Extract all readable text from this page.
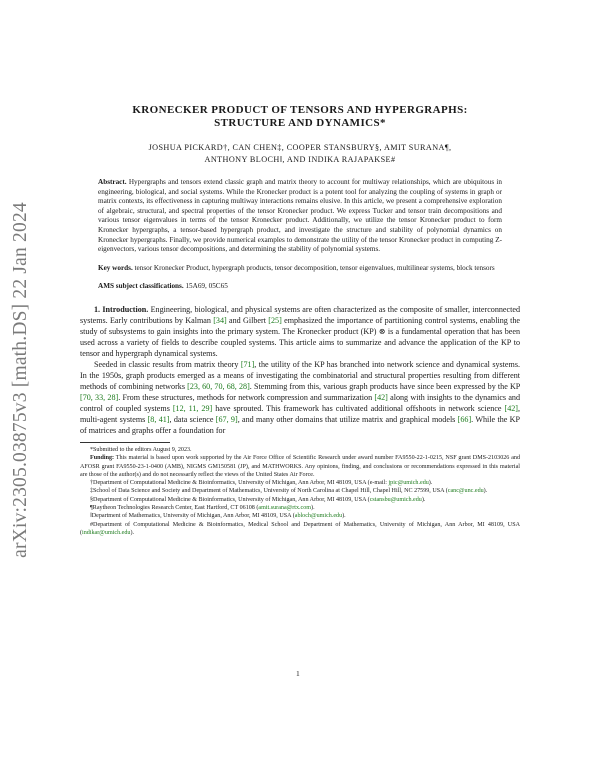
arXiv:2305.03875v3 [math.DS] 22 Jan 2024
KRONECKER PRODUCT OF TENSORS AND HYPERGRAPHS:
STRUCTURE AND DYNAMICS*
JOSHUA PICKARD†, CAN CHEN‡, COOPER STANSBURY§, AMIT SURANA¶,
ANTHONY BLOCH‖, AND INDIKA RAJAPAKSE#

Abstract. Hypergraphs and tensors extend classic graph and matrix theory to account for multiway relationships, which are ubiquitous in engineering, biological, and social systems. While the Kronecker product is a potent tool for analyzing the coupling of systems in graph or matrix contexts, its effectiveness in capturing multiway interactions remains elusive. In this article, we present a comprehensive exploration of algebraic, structural, and spectral properties of the tensor Kronecker product. We express Tucker and tensor train decompositions and various tensor eigenvalues in terms of the tensor Kronecker product. Additionally, we utilize the tensor Kronecker product to form Kronecker hypergraphs, a tensor-based hypergraph product, and investigate the structure and stability of polynomial dynamics on Kronecker hypergraphs. Finally, we provide numerical examples to demonstrate the utility of the tensor Kronecker product in computing Z-eigenvectors, various tensor decompositions, and determining the stability of polynomial systems.

Key words. tensor Kronecker Product, hypergraph products, tensor decomposition, tensor eigenvalues, multilinear systems, block tensors

AMS subject classifications. 15A69, 05C65

1. Introduction. Engineering, biological, and physical systems are often characterized as the composite of smaller, interconnected systems. Early contributions by Kalman [34] and Gilbert [25] emphasized the importance of partitioning control systems, enabling the study of subsystems to gain insights into the primary system. The Kronecker product (KP) ⊗ is a fundamental operation that has been used across a variety of fields to describe coupled systems. This article aims to summarize and advance the application of the KP to tensor and hypergraph dynamical systems.

Seeded in classic results from matrix theory [71], the utility of the KP has branched into network science and dynamical systems. In the 1950s, graph products emerged as a means of investigating the combinatorial and structural properties resulting from different methods of combining networks [23, 60, 70, 68, 28]. Stemming from this, various graph products have since been expressed by the KP [70, 33, 28]. From these structures, methods for network compression and summarization [42] along with insights to the dynamics and control of coupled systems [12, 11, 29] have sprouted. This framework has cultivated additional offshoots in network science [42], multi-agent systems [8, 41], data science [67, 9], and many other domains that utilize matrix and graphical models [66]. While the KP of matrices and graphs offer a foundation for

*Submitted to the editors August 9, 2023.

Funding: This material is based upon work supported by the Air Force Office of Scientific Research under award number FA9550-22-1-0215, NSF grant DMS-2103026 and AFOSR grant FA9550-23-1-0400 (AMB), NIGMS GM150581 (JP), and MATHWORKS. Any opinions, finding, and conclusions or recommendations expressed in this material are those of the author(s) and do not necessarily reflect the views of the United States Air Force.

†Department of Computational Medicine & Bioinformatics, University of Michigan, Ann Arbor, MI 48109, USA (e-mail: jpic@umich.edu).

‡School of Data Science and Society and Department of Mathematics, University of North Carolina at Chapel Hill, Chapel Hill, NC 27599, USA (canc@unc.edu).

§Department of Computational Medicine & Bioinformatics, University of Michigan, Ann Arbor, MI 48109, USA (cstansbu@umich.edu).

¶Raytheon Technologies Research Center, East Hartford, CT 06108 (amit.surana@rtx.com).

‖Department of Mathematics, University of Michigan, Ann Arbor, MI 48109, USA (abloch@umich.edu).

#Department of Computational Medicine & Bioinformatics, Medical School and Department of Mathematics, University of Michigan, Ann Arbor, MI 48109, USA (indikar@umich.edu).

1
